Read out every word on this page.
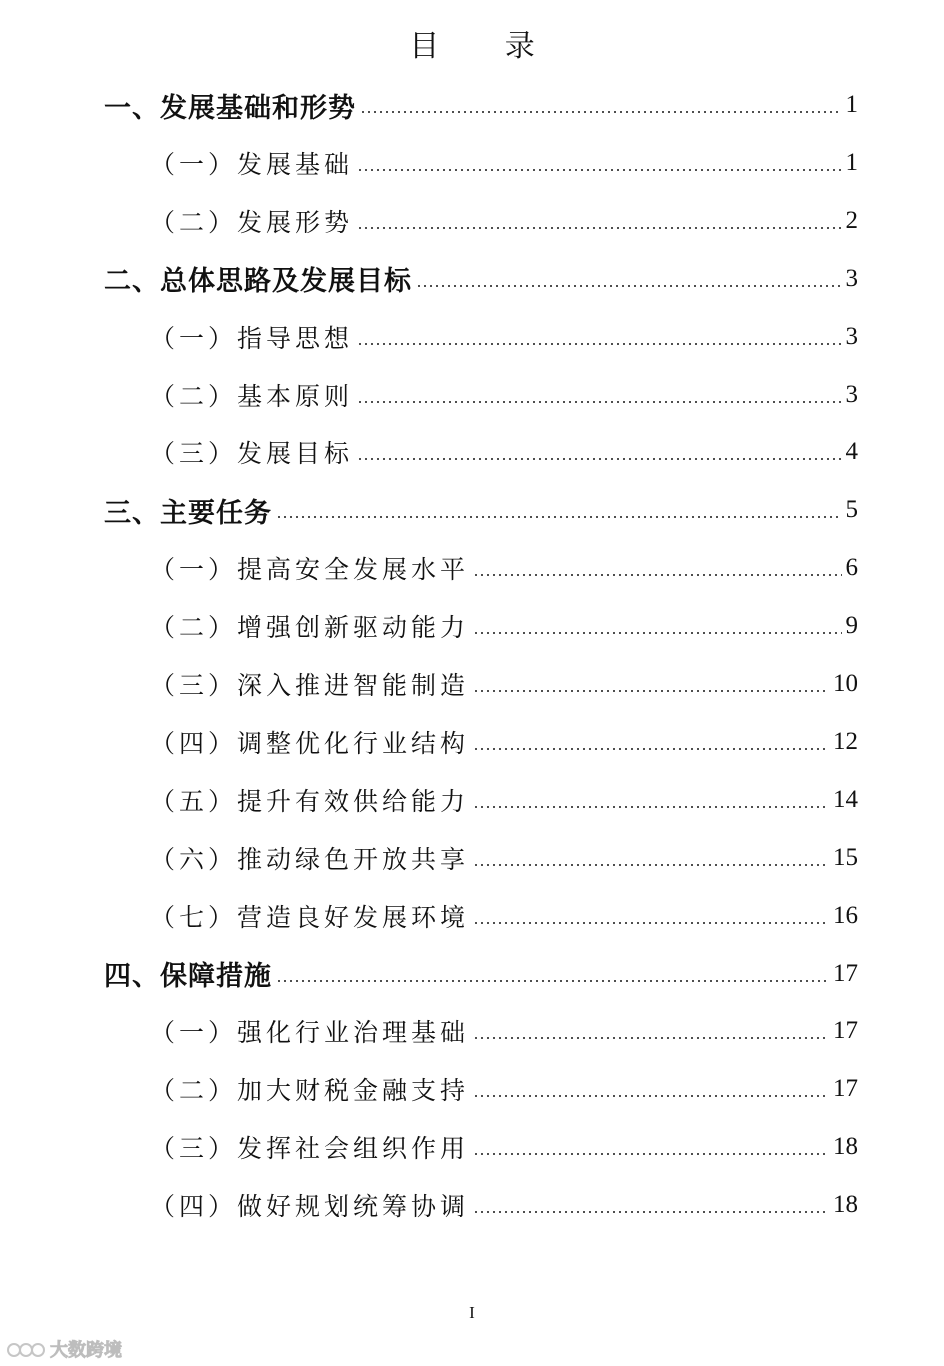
目 录
一、发展基础和形势	1
（一）发展基础	1
（二）发展形势	2
二、总体思路及发展目标	3
（一）指导思想	3
（二）基本原则	3
（三）发展目标	4
三、主要任务	5
（一）提高安全发展水平	6
（二）增强创新驱动能力	9
（三）深入推进智能制造	10
（四）调整优化行业结构	12
（五）提升有效供给能力	14
（六）推动绿色开放共享	15
（七）营造良好发展环境	16
四、保障措施	17
（一）强化行业治理基础	17
（二）加大财税金融支持	17
（三）发挥社会组织作用	18
（四）做好规划统筹协调	18
I
大数跨境
